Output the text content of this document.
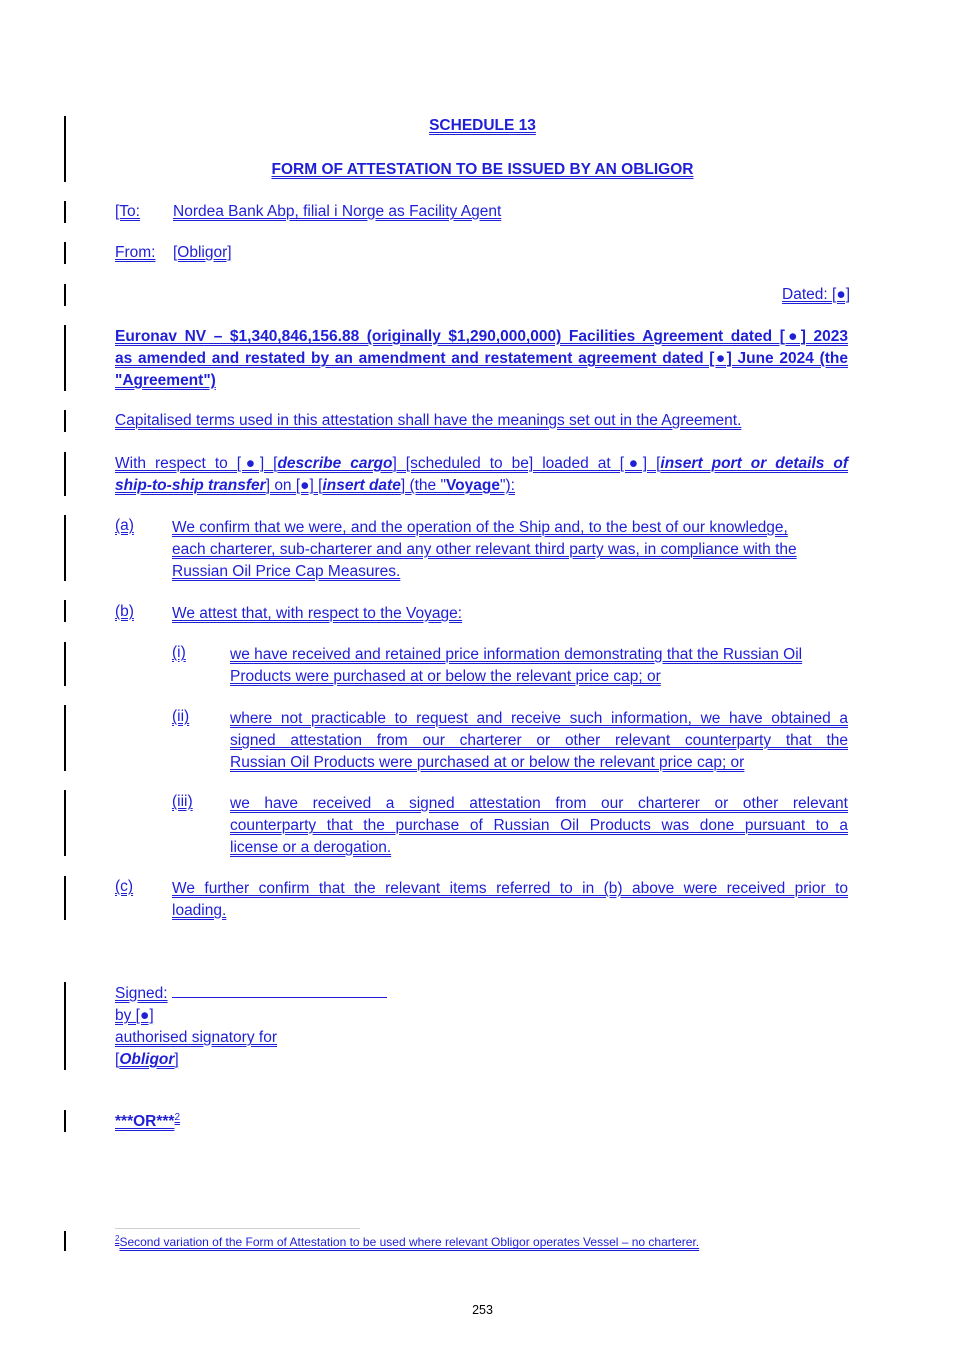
SCHEDULE 13
FORM OF ATTESTATION TO BE ISSUED BY AN OBLIGOR
[To: Nordea Bank Abp, filial i Norge as Facility Agent
From: [Obligor]
Dated: [●]
Euronav NV – $1,340,846,156.88 (originally $1,290,000,000) Facilities Agreement dated [●] 2023
as amended and restated by an amendment and restatement agreement dated [●] June 2024 (the
"Agreement")
Capitalised terms used in this attestation shall have the meanings set out in the Agreement.
With respect to [●] [describe cargo] [scheduled to be] loaded at [●] [insert port or details of
ship-to-ship transfer] on [●] [insert date] (the "Voyage"):
(a) We confirm that we were, and the operation of the Ship and, to the best of our knowledge,
each charterer, sub-charterer and any other relevant third party was, in compliance with the
Russian Oil Price Cap Measures.
(b) We attest that, with respect to the Voyage:
(i)	we have received and retained price information demonstrating that the Russian Oil
Products were purchased at or below the relevant price cap; or
(ii)	where not practicable to request and receive such information, we have obtained a
signed attestation from our charterer or other relevant counterparty that the
Russian Oil Products were purchased at or below the relevant price cap; or
(iii) we have received a signed attestation from our charterer or other relevant
counterparty that the purchase of Russian Oil Products was done pursuant to a
license or a derogation.
(c)	We further confirm that the relevant items referred to in (b) above were received prior to
loading.
Signed:
by [●]
authorised signatory for
[Obligor]
***OR***$^2$
$^2$Second variation of the Form of Attestation to be used where relevant Obligor operates Vessel – no charterer.
253
